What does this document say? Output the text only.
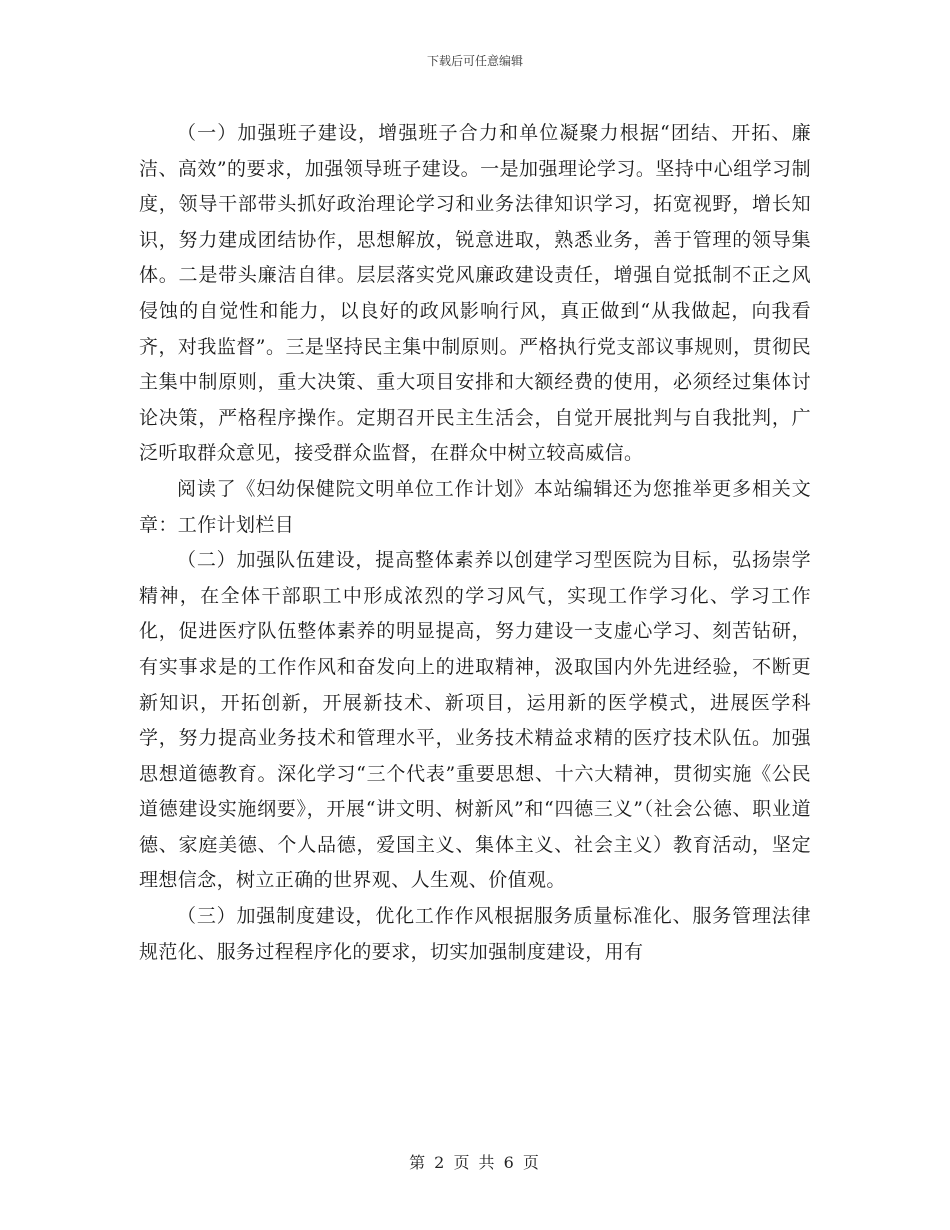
下载后可任意编辑

（一）加强班子建设，增强班子合力和单位凝聚力根据“团结、开拓、廉洁、高效”的要求，加强领导班子建设。一是加强理论学习。坚持中心组学习制度，领导干部带头抓好政治理论学习和业务法律知识学习，拓宽视野，增长知识，努力建成团结协作，思想解放，锐意进取，熟悉业务，善于管理的领导集体。二是带头廉洁自律。层层落实党风廉政建设责任，增强自觉抵制不正之风侵蚀的自觉性和能力，以良好的政风影响行风，真正做到“从我做起，向我看齐，对我监督”。三是坚持民主集中制原则。严格执行党支部议事规则，贯彻民主集中制原则，重大决策、重大项目安排和大额经费的使用，必须经过集体讨论决策，严格程序操作。定期召开民主生活会，自觉开展批判与自我批判，广泛听取群众意见，接受群众监督，在群众中树立较高威信。

阅读了《妇幼保健院文明单位工作计划》本站编辑还为您推举更多相关文章：工作计划栏目

（二）加强队伍建设，提高整体素养以创建学习型医院为目标，弘扬崇学精神，在全体干部职工中形成浓烈的学习风气，实现工作学习化、学习工作化，促进医疗队伍整体素养的明显提高，努力建设一支虚心学习、刻苦钻研，有实事求是的工作作风和奋发向上的进取精神，汲取国内外先进经验，不断更新知识，开拓创新，开展新技术、新项目，运用新的医学模式，进展医学科学，努力提高业务技术和管理水平，业务技术精益求精的医疗技术队伍。加强思想道德教育。深化学习“三个代表”重要思想、十六大精神，贯彻实施《公民道德建设实施纲要》，开展“讲文明、树新风”和“四德三义”（社会公德、职业道德、家庭美德、个人品德，爱国主义、集体主义、社会主义）教育活动，坚定理想信念，树立正确的世界观、人生观、价值观。

（三）加强制度建设，优化工作作风根据服务质量标准化、服务管理法律规范化、服务过程程序化的要求，切实加强制度建设，用有

第 2 页 共 6 页
